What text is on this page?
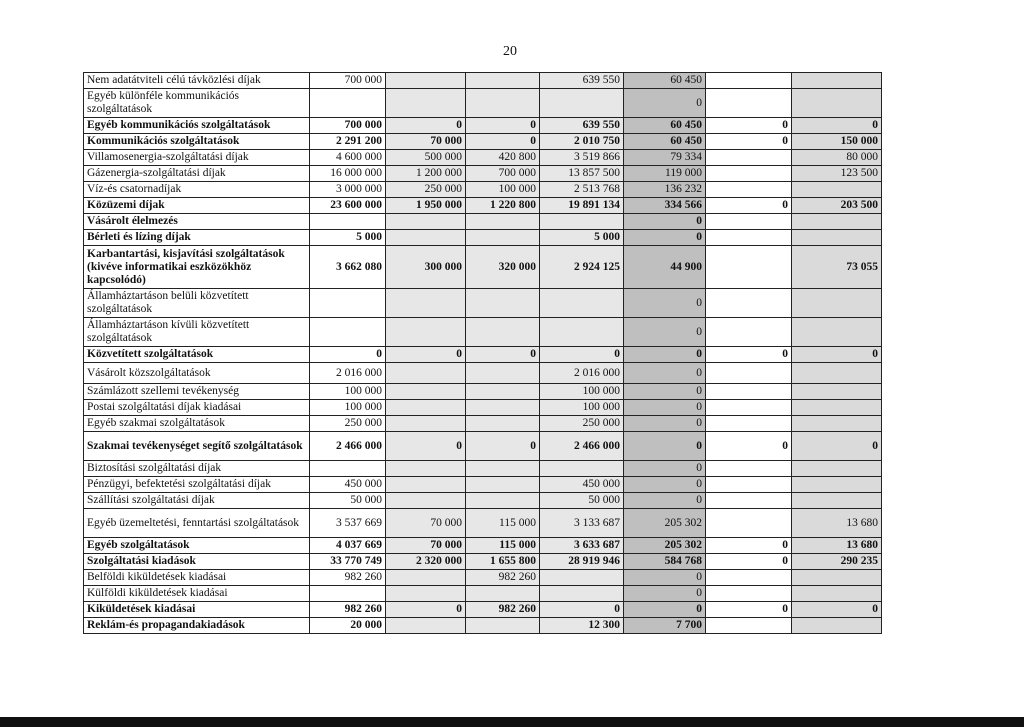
20
Nem adatátviteli célú távközlési díjak	700 000			639 550	60 450		
Egyéb különféle kommunikációs szolgáltatások					0		
Egyéb kommunikációs szolgáltatások	700 000	0	0	639 550	60 450	0	0
Kommunikációs szolgáltatások	2 291 200	70 000	0	2 010 750	60 450	0	150 000
Villamosenergia-szolgáltatási díjak	4 600 000	500 000	420 800	3 519 866	79 334		80 000
Gázenergia-szolgáltatási díjak	16 000 000	1 200 000	700 000	13 857 500	119 000		123 500
Víz-és csatornadíjak	3 000 000	250 000	100 000	2 513 768	136 232		
Közüzemi díjak	23 600 000	1 950 000	1 220 800	19 891 134	334 566	0	203 500
Vásárolt élelmezés					0		
Bérleti és lízing díjak	5 000			5 000	0		
Karbantartási, kisjavítási szolgáltatások (kivéve informatikai eszközökhöz kapcsolódó)	3 662 080	300 000	320 000	2 924 125	44 900		73 055
Államháztartáson belüli közvetített szolgáltatások					0		
Államháztartáson kívüli közvetített szolgáltatások					0		
Közvetített szolgáltatások	0	0	0	0	0	0	0
Vásárolt közszolgáltatások	2 016 000			2 016 000	0		
Számlázott szellemi tevékenység	100 000			100 000	0		
Postai szolgáltatási díjak kiadásai	100 000			100 000	0		
Egyéb szakmai szolgáltatások	250 000			250 000	0		
Szakmai tevékenységet segítő szolgáltatások	2 466 000	0	0	2 466 000	0	0	0
Biztosítási szolgáltatási díjak					0		
Pénzügyi, befektetési szolgáltatási díjak	450 000			450 000	0		
Szállítási szolgáltatási díjak	50 000			50 000	0		
Egyéb üzemeltetési, fenntartási szolgáltatások	3 537 669	70 000	115 000	3 133 687	205 302		13 680
Egyéb szolgáltatások	4 037 669	70 000	115 000	3 633 687	205 302	0	13 680
Szolgáltatási kiadások	33 770 749	2 320 000	1 655 800	28 919 946	584 768	0	290 235
Belföldi kiküldetések kiadásai	982 260		982 260		0		
Külföldi kiküldetések kiadásai					0		
Kiküldetések kiadásai	982 260	0	982 260	0	0	0	0
Reklám-és propagandakiadások	20 000			12 300	7 700		
